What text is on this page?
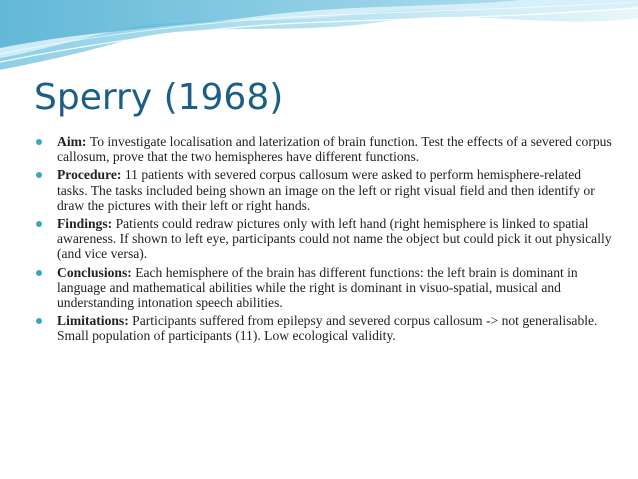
Sperry (1968)
Aim: To investigate localisation and laterization of brain function. Test the effects of a severed corpus callosum, prove that the two hemispheres have different functions.
Procedure: 11 patients with severed corpus callosum were asked to perform hemisphere-related tasks. The tasks included being shown an image on the left or right visual field and then identify or draw the pictures with their left or right hands.
Findings: Patients could redraw pictures only with left hand (right hemisphere is linked to spatial awareness. If shown to left eye, participants could not name the object but could pick it out physically (and vice versa).
Conclusions: Each hemisphere of the brain has different functions: the left brain is dominant in language and mathematical abilities while the right is dominant in visuo-spatial, musical and understanding intonation speech abilities.
Limitations: Participants suffered from epilepsy and severed corpus callosum -> not generalisable. Small population of participants (11). Low ecological validity.
